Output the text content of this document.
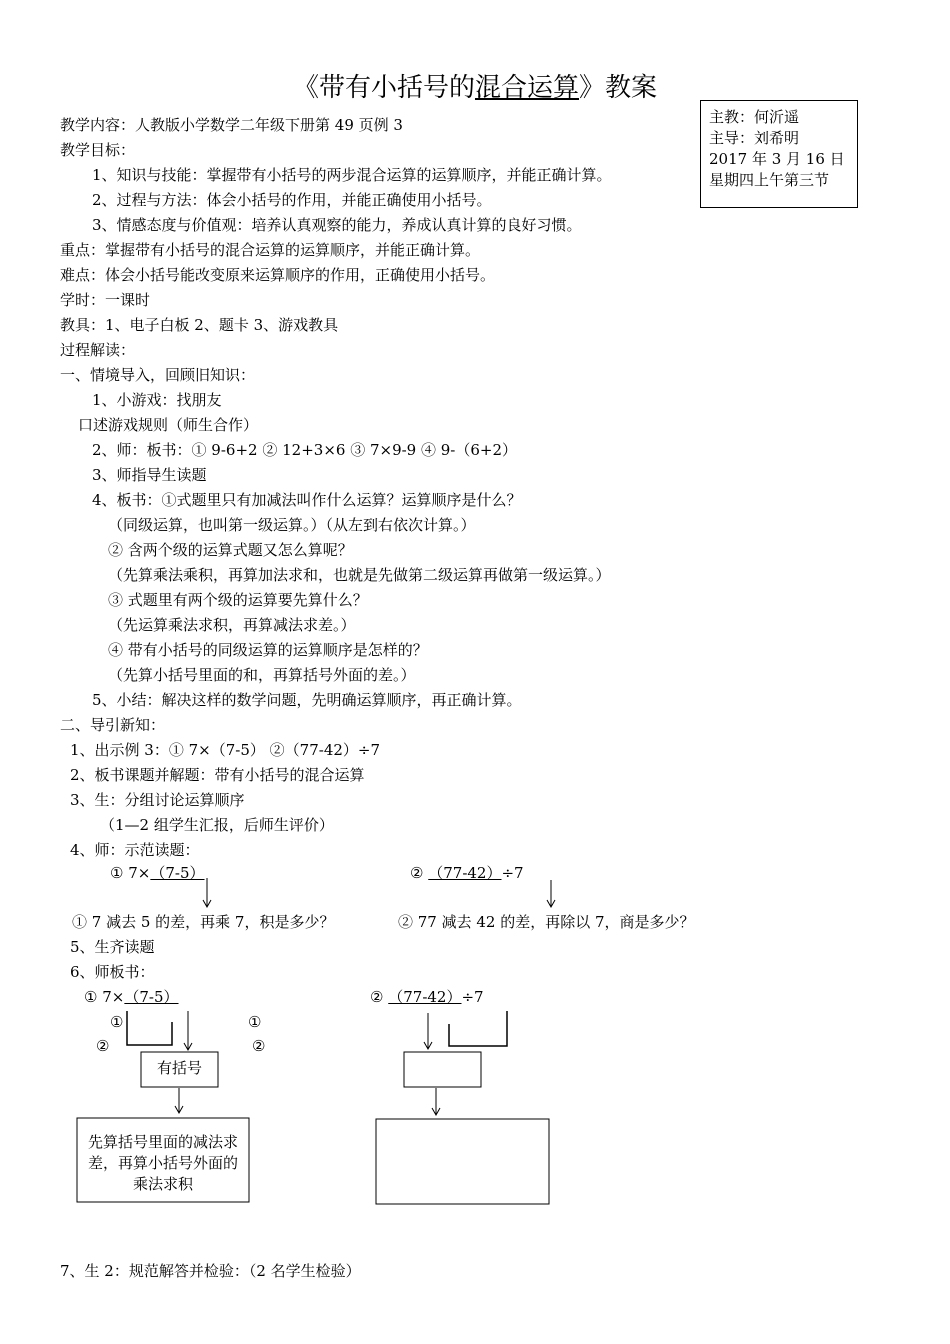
《带有小括号的混合运算》教案
主教：何沂遥
主导：刘希明
2017 年 3 月 16 日
星期四上午第三节
教学内容：人教版小学数学二年级下册第 49 页例 3
教学目标：
1、知识与技能：掌握带有小括号的两步混合运算的运算顺序，并能正确计算。
2、过程与方法：体会小括号的作用，并能正确使用小括号。
3、情感态度与价值观：培养认真观察的能力，养成认真计算的良好习惯。
重点：掌握带有小括号的混合运算的运算顺序，并能正确计算。
难点：体会小括号能改变原来运算顺序的作用，正确使用小括号。
学时：一课时
教具：1、电子白板 2、题卡 3、游戏教具
过程解读：
一、情境导入，回顾旧知识：
1、小游戏：找朋友
口述游戏规则（师生合作）
2、师：板书：① 9-6+2 ② 12+3×6 ③ 7×9-9 ④ 9-（6+2）
3、师指导生读题
4、板书：①式题里只有加减法叫作什么运算？运算顺序是什么？
（同级运算，也叫第一级运算。）（从左到右依次计算。）
② 含两个级的运算式题又怎么算呢？
（先算乘法乘积，再算加法求和，也就是先做第二级运算再做第一级运算。）
③ 式题里有两个级的运算要先算什么？
（先运算乘法求积，再算减法求差。）
④ 带有小括号的同级运算的运算顺序是怎样的？
（先算小括号里面的和，再算括号外面的差。）
5、小结：解决这样的数学问题，先明确运算顺序，再正确计算。
二、导引新知：
1、出示例 3：① 7×（7-5） ②（77-42）÷7
2、板书课题并解题：带有小括号的混合运算
3、生：分组讨论运算顺序
（1—2 组学生汇报，后师生评价）
4、师：示范读题：
① 7×（7-5）	② （77-42）÷7
① 7 减去 5 的差，再乘 7，积是多少？	② 77 减去 42 的差，再除以 7，商是多少？
5、生齐读题
6、师板书：
① 7×（7-5）	② （77-42）÷7
①
②
①
②
有括号
先算括号里面的减法求差，再算小括号外面的乘法求积
7、生 2：规范解答并检验：（2 名学生检验）
